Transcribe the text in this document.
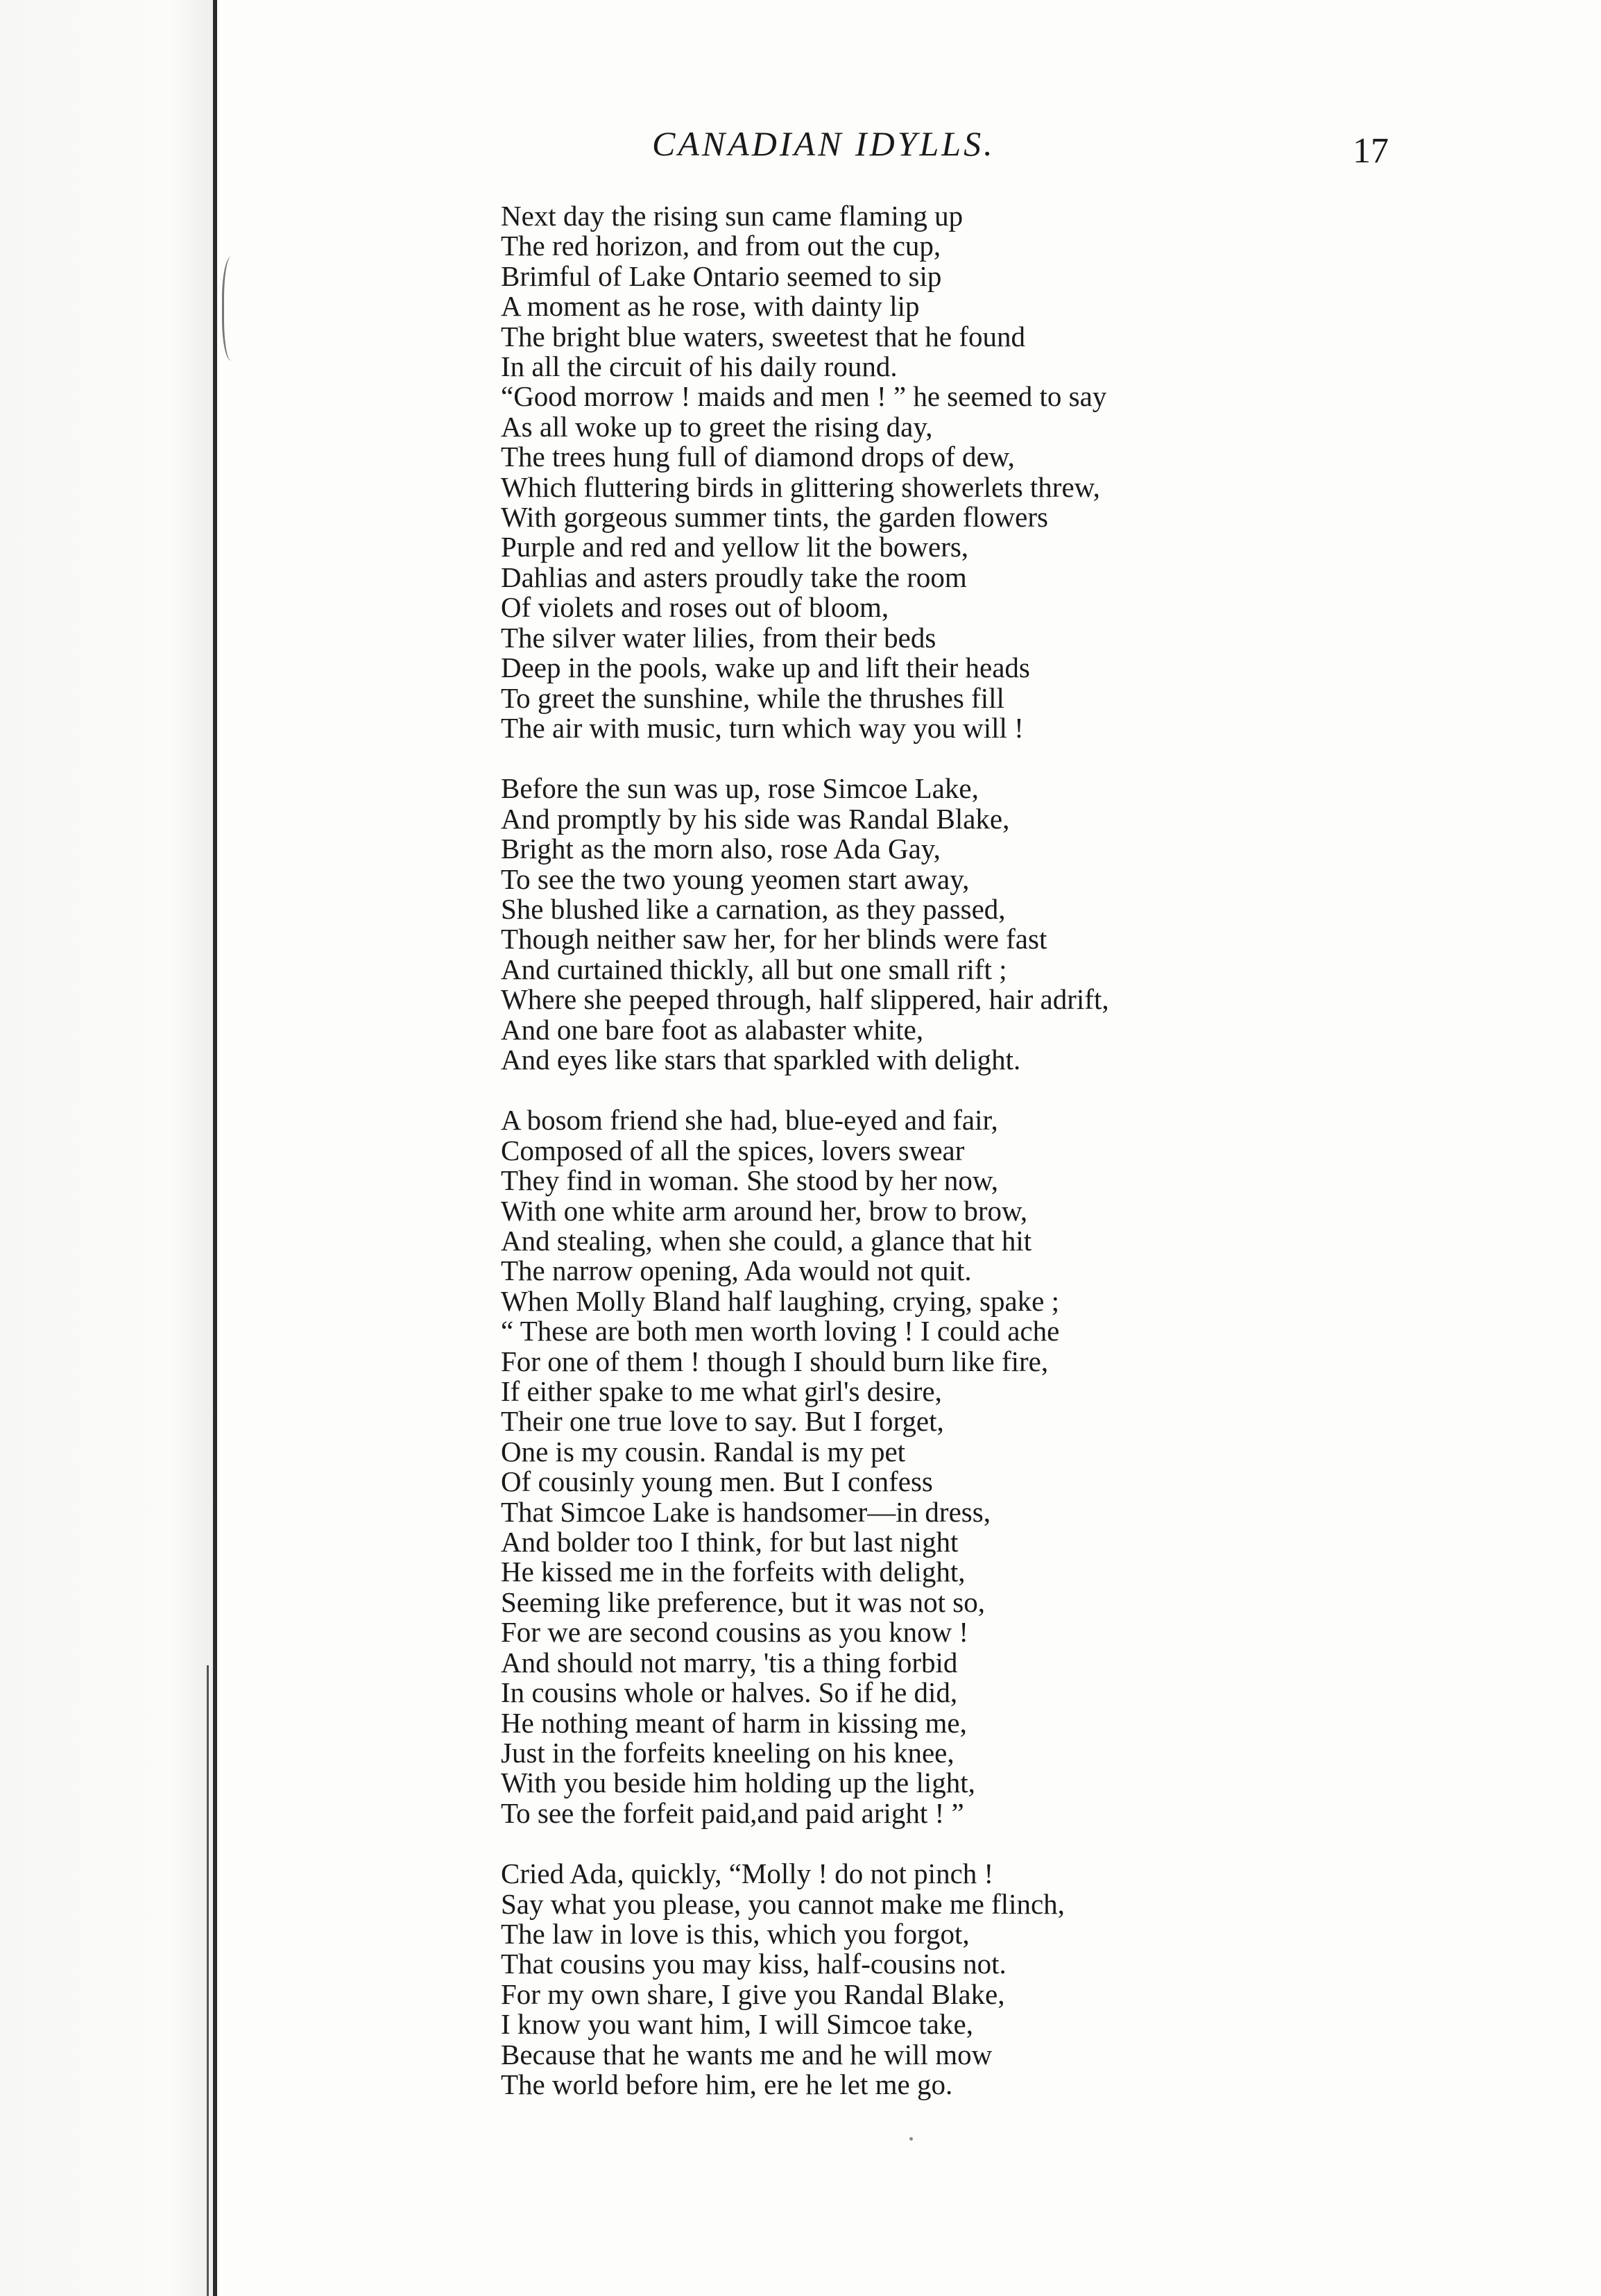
CANADIAN IDYLLS.	17
Next day the rising sun came flaming up
The red horizon, and from out the cup,
Brimful of Lake Ontario seemed to sip
A moment as he rose, with dainty lip
The bright blue waters, sweetest that he found
In all the circuit of his daily round.
“Good morrow ! maids and men ! ” he seemed to say
As all woke up to greet the rising day,
The trees hung full of diamond drops of dew,
Which fluttering birds in glittering showerlets threw,
With gorgeous summer tints, the garden flowers
Purple and red and yellow lit the bowers,
Dahlias and asters proudly take the room
Of violets and roses out of bloom,
The silver water lilies, from their beds
Deep in the pools, wake up and lift their heads
To greet the sunshine, while the thrushes fill
The air with music, turn which way you will !
Before the sun was up, rose Simcoe Lake,
And promptly by his side was Randal Blake,
Bright as the morn also, rose Ada Gay,
To see the two young yeomen start away,
She blushed like a carnation, as they passed,
Though neither saw her, for her blinds were fast
And curtained thickly, all but one small rift ;
Where she peeped through, half slippered, hair adrift,
And one bare foot as alabaster white,
And eyes like stars that sparkled with delight.
A bosom friend she had, blue-eyed and fair,
Composed of all the spices, lovers swear
They find in woman. She stood by her now,
With one white arm around her, brow to brow,
And stealing, when she could, a glance that hit
The narrow opening, Ada would not quit.
When Molly Bland half laughing, crying, spake ;
“ These are both men worth loving ! I could ache
For one of them ! though I should burn like fire,
If either spake to me what girl's desire,
Their one true love to say. But I forget,
One is my cousin. Randal is my pet
Of cousinly young men. But I confess
That Simcoe Lake is handsomer—in dress,
And bolder too I think, for but last night
He kissed me in the forfeits with delight,
Seeming like preference, but it was not so,
For we are second cousins as you know !
And should not marry, 'tis a thing forbid
In cousins whole or halves. So if he did,
He nothing meant of harm in kissing me,
Just in the forfeits kneeling on his knee,
With you beside him holding up the light,
To see the forfeit paid,and paid aright ! ”
Cried Ada, quickly, “Molly ! do not pinch !
Say what you please, you cannot make me flinch,
The law in love is this, which you forgot,
That cousins you may kiss, half-cousins not.
For my own share, I give you Randal Blake,
I know you want him, I will Simcoe take,
Because that he wants me and he will mow
The world before him, ere he let me go.
